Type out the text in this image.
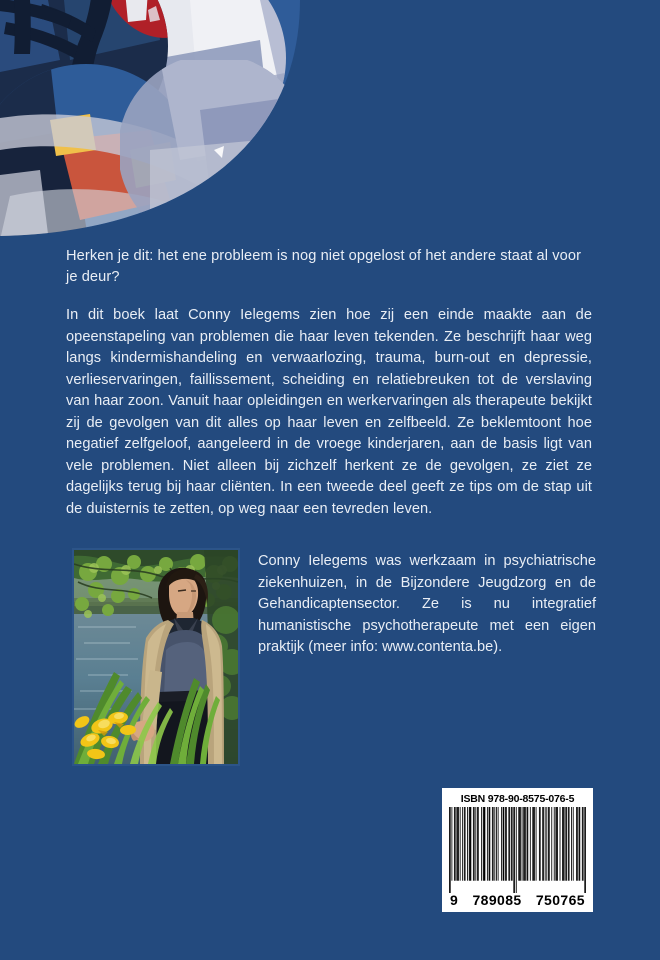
Herken je dit: het ene probleem is nog niet opgelost of het andere staat al voor je deur?

In dit boek laat Conny Ielegems zien hoe zij een einde maakte aan de opeenstapeling van problemen die haar leven tekenden. Ze beschrijft haar weg langs kindermishandeling en verwaarlozing, trauma, burn-out en depressie, verlieservaringen, faillissement, scheiding en relatiebreuken tot de verslaving van haar zoon. Vanuit haar opleidingen en werkervaringen als therapeute bekijkt zij de gevolgen van dit alles op haar leven en zelfbeeld. Ze beklemtoont hoe negatief zelfgeloof, aangeleerd in de vroege kinderjaren, aan de basis ligt van vele problemen. Niet alleen bij zichzelf herkent ze de gevolgen, ze ziet ze dagelijks terug bij haar cliënten. In een tweede deel geeft ze tips om de stap uit de duisternis te zetten, op weg naar een tevreden leven.

Conny Ielegems was werkzaam in psychiatrische ziekenhuizen, in de Bijzondere Jeugdzorg en de Gehandicaptensector. Ze is nu integratief humanistische psychotherapeute met een eigen praktijk (meer info: www.contenta.be).
ISBN 978-90-8575-076-5
9 789085 750765
